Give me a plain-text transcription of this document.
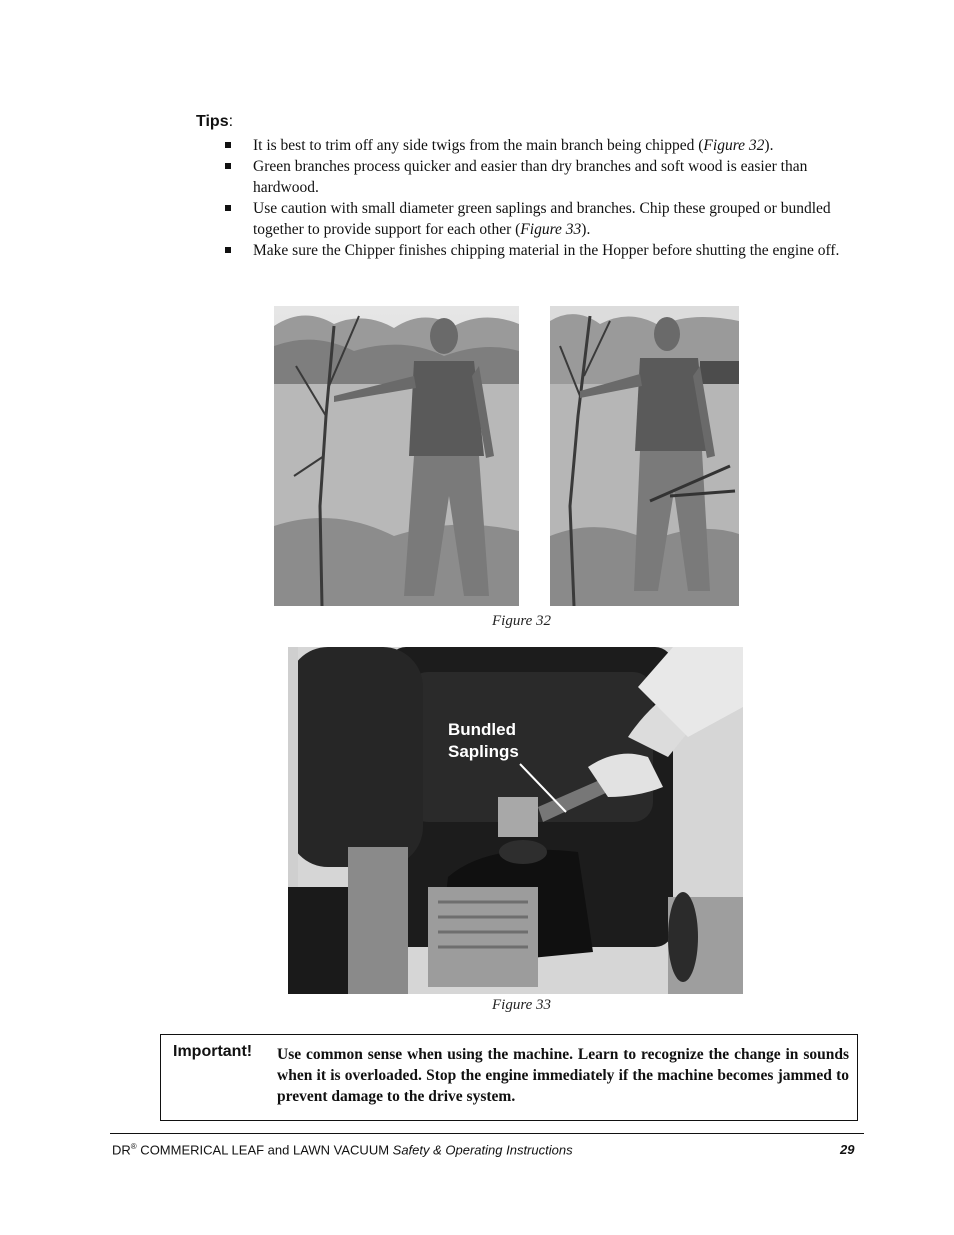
Tips:
It is best to trim off any side twigs from the main branch being chipped (Figure 32).
Green branches process quicker and easier than dry branches and soft wood is easier than hardwood.
Use caution with small diameter green saplings and branches. Chip these grouped or bundled together to provide support for each other (Figure 33).
Make sure the Chipper finishes chipping material in the Hopper before shutting the engine off.
Figure 32
Bundled
Saplings
Figure 33
Important! Use common sense when using the machine. Learn to recognize the change in sounds when it is overloaded. Stop the engine immediately if the machine becomes jammed to prevent damage to the drive system.
DR® COMMERICAL LEAF and LAWN VACUUM Safety & Operating Instructions	29
